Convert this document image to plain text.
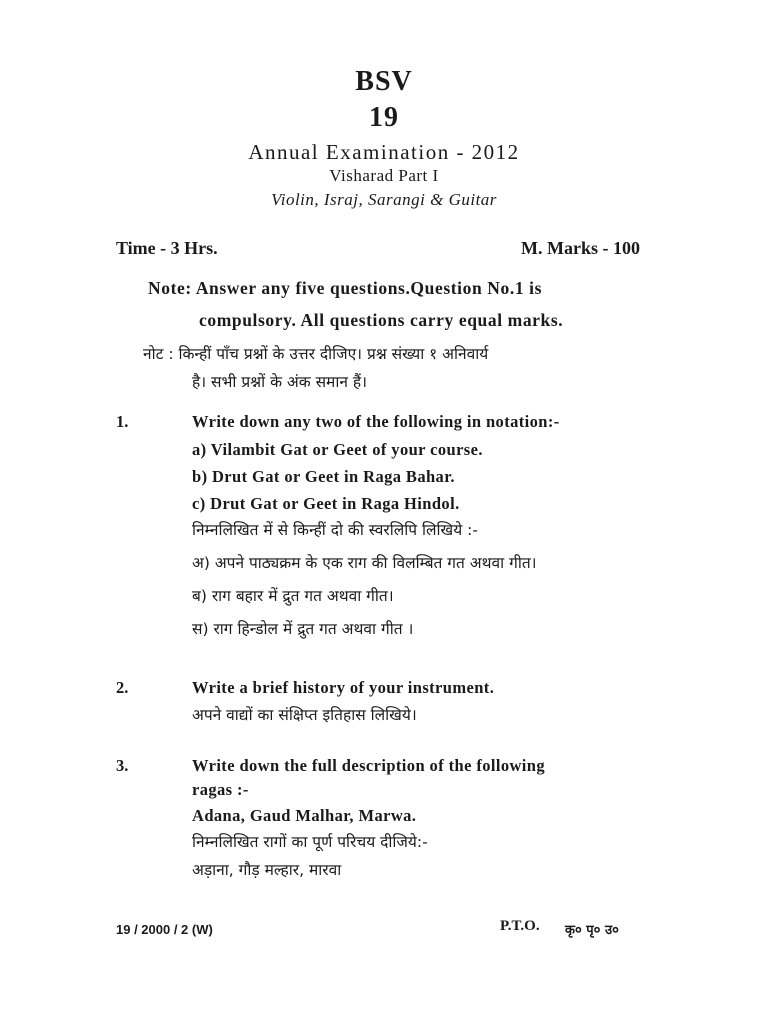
BSV
19
Annual Examination - 2012
Visharad Part I
Violin, Israj, Sarangi & Guitar
Time - 3 Hrs.	M. Marks - 100
Note: Answer any five questions.Question No.1 is
compulsory. All questions carry equal marks.
नोट : किन्हीं पाँच प्रश्नों के उत्तर दीजिए। प्रश्न संख्या १ अनिवार्य
है। सभी प्रश्नों के अंक समान हैं।
1.	Write down any two of the following in notation:-
a) Vilambit Gat or Geet of your course.
b) Drut Gat or Geet in Raga Bahar.
c) Drut Gat or Geet in Raga Hindol.
निम्नलिखित में से किन्हीं दो की स्वरलिपि लिखिये :-
अ) अपने पाठ्यक्रम के एक राग की विलम्बित गत अथवा गीत।
ब) राग बहार में द्रुत गत अथवा गीत।
स) राग हिन्डोल में द्रुत गत अथवा गीत ।
2.	Write a brief history of your instrument.
अपने वाद्यों का संक्षिप्त इतिहास लिखिये।
3.	Write down the full description of the following
ragas :-
Adana, Gaud Malhar, Marwa.
निम्नलिखित रागों का पूर्ण परिचय दीजिये:-
अड़ाना, गौड़ मल्हार, मारवा
19 / 2000 / 2 (W)	P.T.O. कृ० पृ० उ०
